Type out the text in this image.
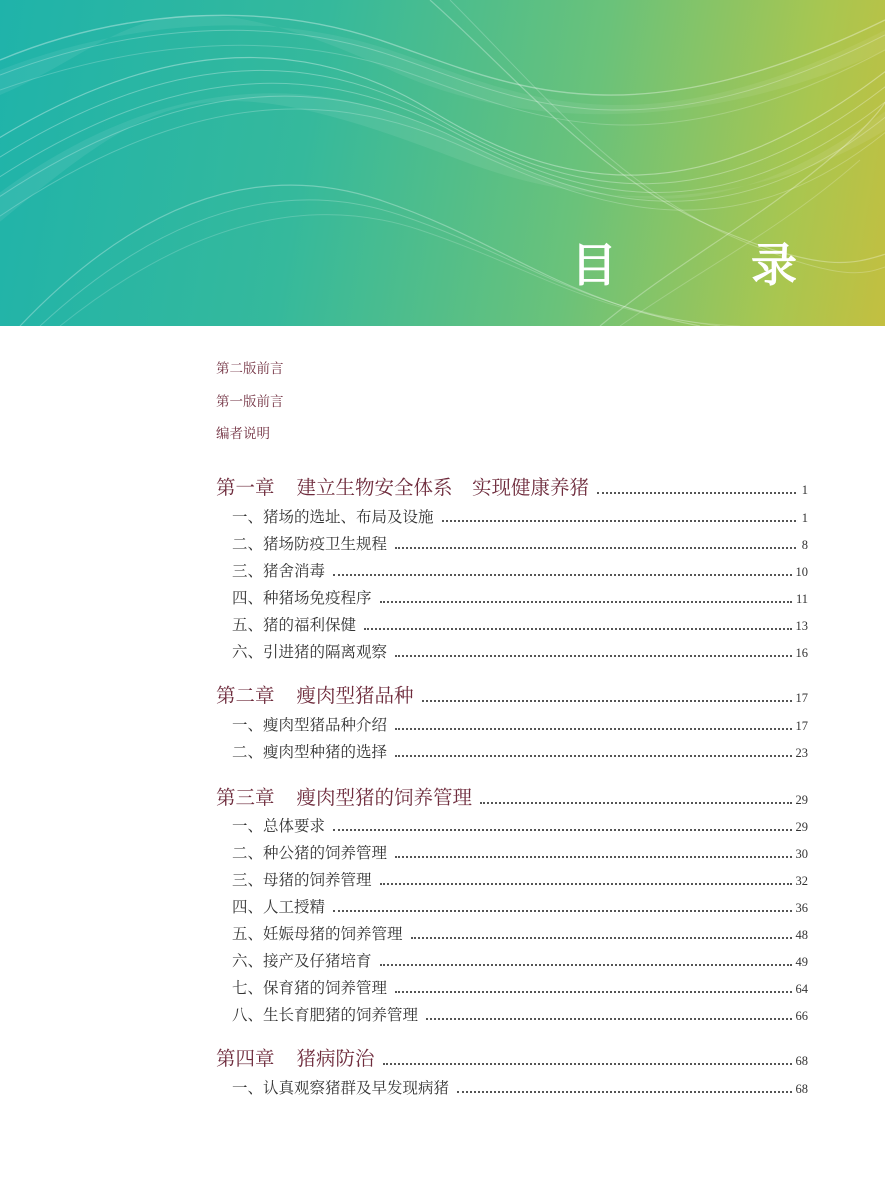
目　录
第二版前言
第一版前言
编者说明
第一章 建立生物安全体系　实现健康养猪	1
一、猪场的选址、布局及设施	1
二、猪场防疫卫生规程	8
三、猪舍消毒	10
四、种猪场免疫程序	11
五、猪的福利保健	13
六、引进猪的隔离观察	16
第二章 瘦肉型猪品种	17
一、瘦肉型猪品种介绍	17
二、瘦肉型种猪的选择	23
第三章 瘦肉型猪的饲养管理	29
一、总体要求	29
二、种公猪的饲养管理	30
三、母猪的饲养管理	32
四、人工授精	36
五、妊娠母猪的饲养管理	48
六、接产及仔猪培育	49
七、保育猪的饲养管理	64
八、生长育肥猪的饲养管理	66
第四章 猪病防治	68
一、认真观察猪群及早发现病猪	68
